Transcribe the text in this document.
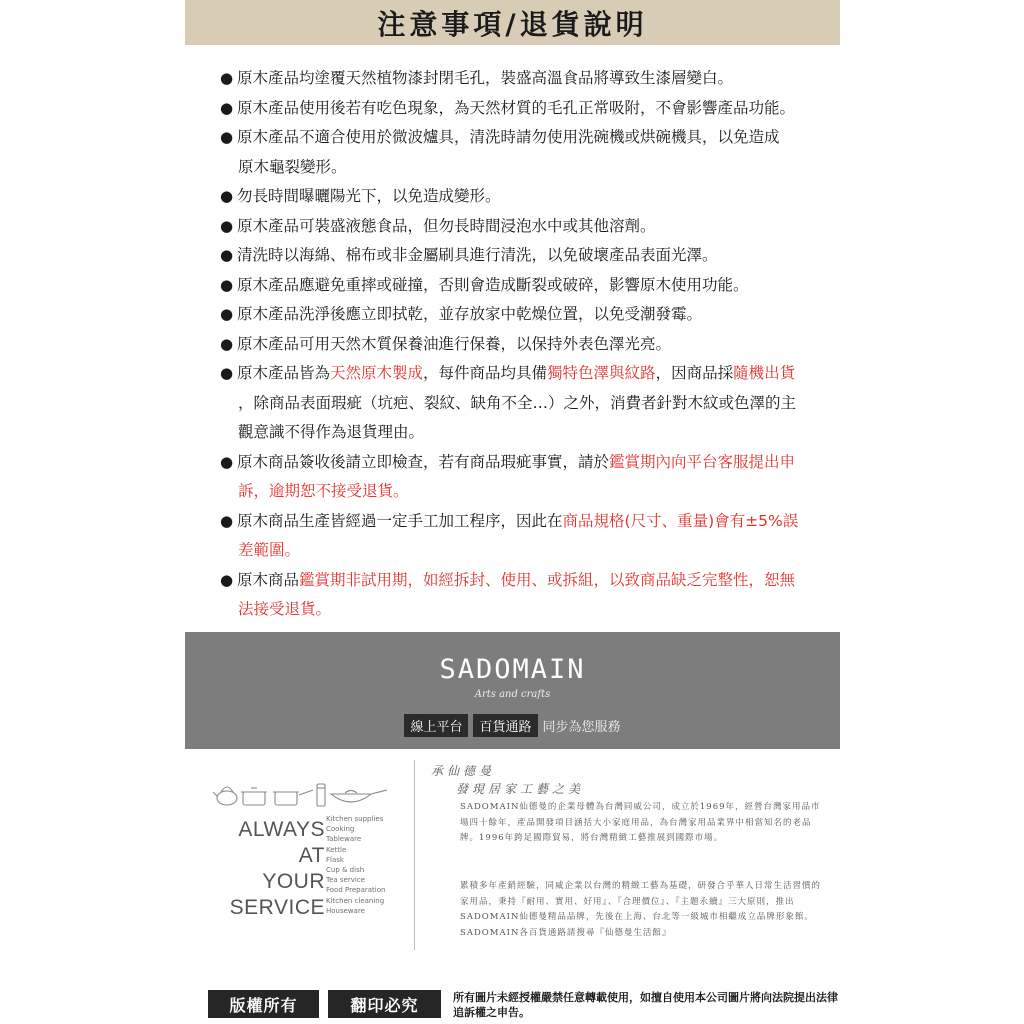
注意事項/退貨說明
● 原木產品均塗覆天然植物漆封閉毛孔，裝盛高溫食品將導致生漆層變白。
● 原木產品使用後若有吃色現象，為天然材質的毛孔正常吸附，不會影響產品功能。
● 原木產品不適合使用於微波爐具，清洗時請勿使用洗碗機或烘碗機具，以免造成
原木龜裂變形。
● 勿長時間曝曬陽光下，以免造成變形。
● 原木產品可裝盛液態食品，但勿長時間浸泡水中或其他溶劑。
● 清洗時以海綿、棉布或非金屬刷具進行清洗，以免破壞產品表面光澤。
● 原木產品應避免重摔或碰撞，否則會造成斷裂或破碎，影響原木使用功能。
● 原木產品洗淨後應立即拭乾，並存放家中乾燥位置，以免受潮發霉。
● 原木產品可用天然木質保養油進行保養，以保持外表色澤光亮。
● 原木產品皆為天然原木製成，每件商品均具備獨特色澤與紋路，因商品採隨機出貨
，除商品表面瑕疵（坑疤、裂紋、缺角不全…）之外，消費者針對木紋或色澤的主
觀意識不得作為退貨理由。
● 原木商品簽收後請立即檢查，若有商品瑕疵事實，請於鑑賞期內向平台客服提出申
訴，逾期恕不接受退貨。
● 原木商品生產皆經過一定手工加工程序，因此在商品規格(尺寸、重量)會有±5%誤
差範圍。
● 原木商品鑑賞期非試用期，如經拆封、使用、或拆組，以致商品缺乏完整性，恕無
法接受退貨。
SADOMAIN
Arts and crafts
線上平台	百貨通路 同步為您服務
ALWAYS AT
YOUR
SERVICE
Kitchen supplies
Cooking
Tableware
Kettle
Flask
Cup & dish
Tea service
Food Preparation
Kitchen cleaning
Houseware
承仙德曼
發現居家工藝之美
SADOMAIN仙德曼的企業母體為台灣同威公司，成立於1969年，經營台灣家用品市場四十餘年，產品開發項目涵括大小家庭用品，為台灣家用品業界中相當知名的老品牌。1996年跨足國際貿易，將台灣精緻工藝推展到國際市場。
累積多年產銷經驗，同威企業以台灣的精緻工藝為基礎，研發合乎華人日常生活習慣的家用品，秉持『耐用、實用、好用』、『合理價位』、『主題永續』三大原則，推出SADOMAIN仙德曼精品品牌，先後在上海、台北等一級城市相繼成立品牌形象館。SADOMAIN各百貨通路請搜尋『仙德曼生活館』
版權所有	翻印必究	所有圖片未經授權嚴禁任意轉載使用，如擅自使用本公司圖片將向法院提出法律追訴權之申告。
